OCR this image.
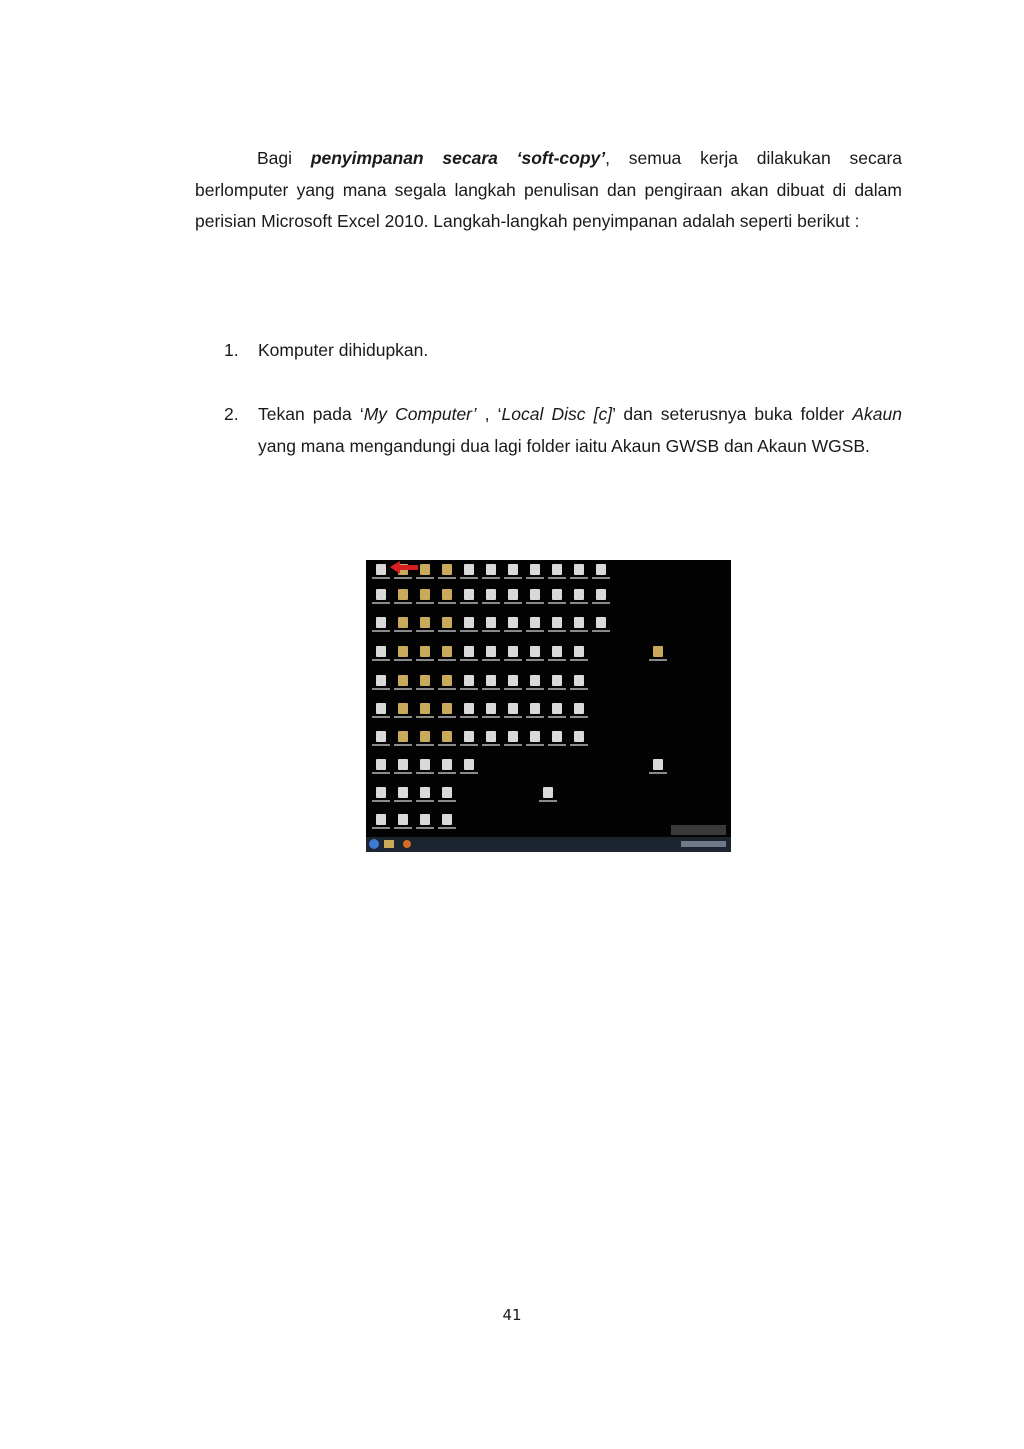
Bagi penyimpanan secara ‘soft-copy’, semua kerja dilakukan secara berlomputer yang mana segala langkah penulisan dan pengiraan akan dibuat di dalam perisian Microsoft Excel 2010. Langkah-langkah penyimpanan adalah seperti berikut :

1.	Komputer dihidupkan.
2.	Tekan pada ‘My Computer’ , ‘Local Disc [c]’ dan seterusnya buka folder Akaun yang mana mengandungi dua lagi folder iaitu Akaun GWSB dan Akaun WGSB.
41
